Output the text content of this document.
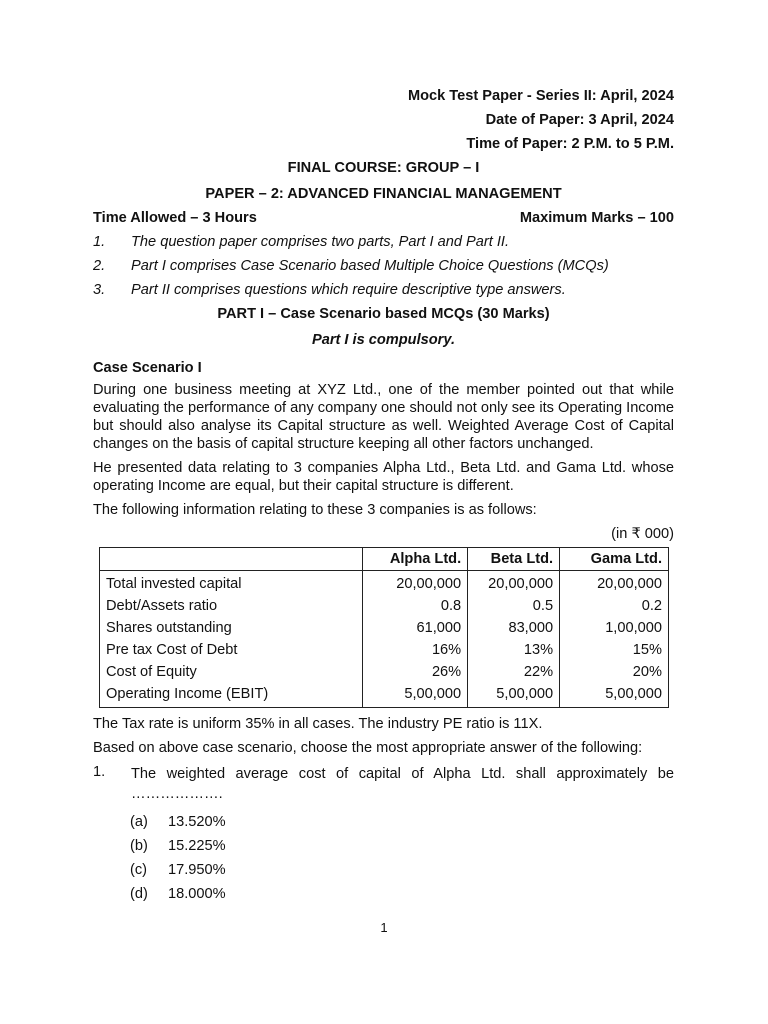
Mock Test Paper - Series II: April, 2024
Date of Paper: 3 April, 2024
Time of Paper: 2 P.M. to 5 P.M.
FINAL COURSE: GROUP – I
PAPER – 2: ADVANCED FINANCIAL MANAGEMENT
Time Allowed – 3 Hours	Maximum Marks – 100
1.	The question paper comprises two parts, Part I and Part II.
2.	Part I comprises Case Scenario based Multiple Choice Questions (MCQs)
3.	Part II comprises questions which require descriptive type answers.
PART I – Case Scenario based MCQs (30 Marks)
Part I is compulsory.
Case Scenario I

During one business meeting at XYZ Ltd., one of the member pointed out that while evaluating the performance of any company one should not only see its Operating Income but should also analyse its Capital structure as well. Weighted Average Cost of Capital changes on the basis of capital structure keeping all other factors unchanged.

He presented data relating to 3 companies Alpha Ltd., Beta Ltd. and Gama Ltd. whose operating Income are equal, but their capital structure is different.

The following information relating to these 3 companies is as follows:

(in ₹ 000)
	Alpha Ltd.	Beta Ltd.	Gama Ltd.
Total invested capital	20,00,000	20,00,000	20,00,000
Debt/Assets ratio	0.8	0.5	0.2
Shares outstanding	61,000	83,000	1,00,000
Pre tax Cost of Debt	16%	13%	15%
Cost of Equity	26%	22%	20%
Operating Income (EBIT)	5,00,000	5,00,000	5,00,000
The Tax rate is uniform 35% in all cases. The industry PE ratio is 11X.
Based on above case scenario, choose the most appropriate answer of the following:
1.	The weighted average cost of capital of Alpha Ltd. shall approximately be ……………….
(a)	13.520%
(b)	15.225%
(c)	17.950%
(d)	18.000%
1
